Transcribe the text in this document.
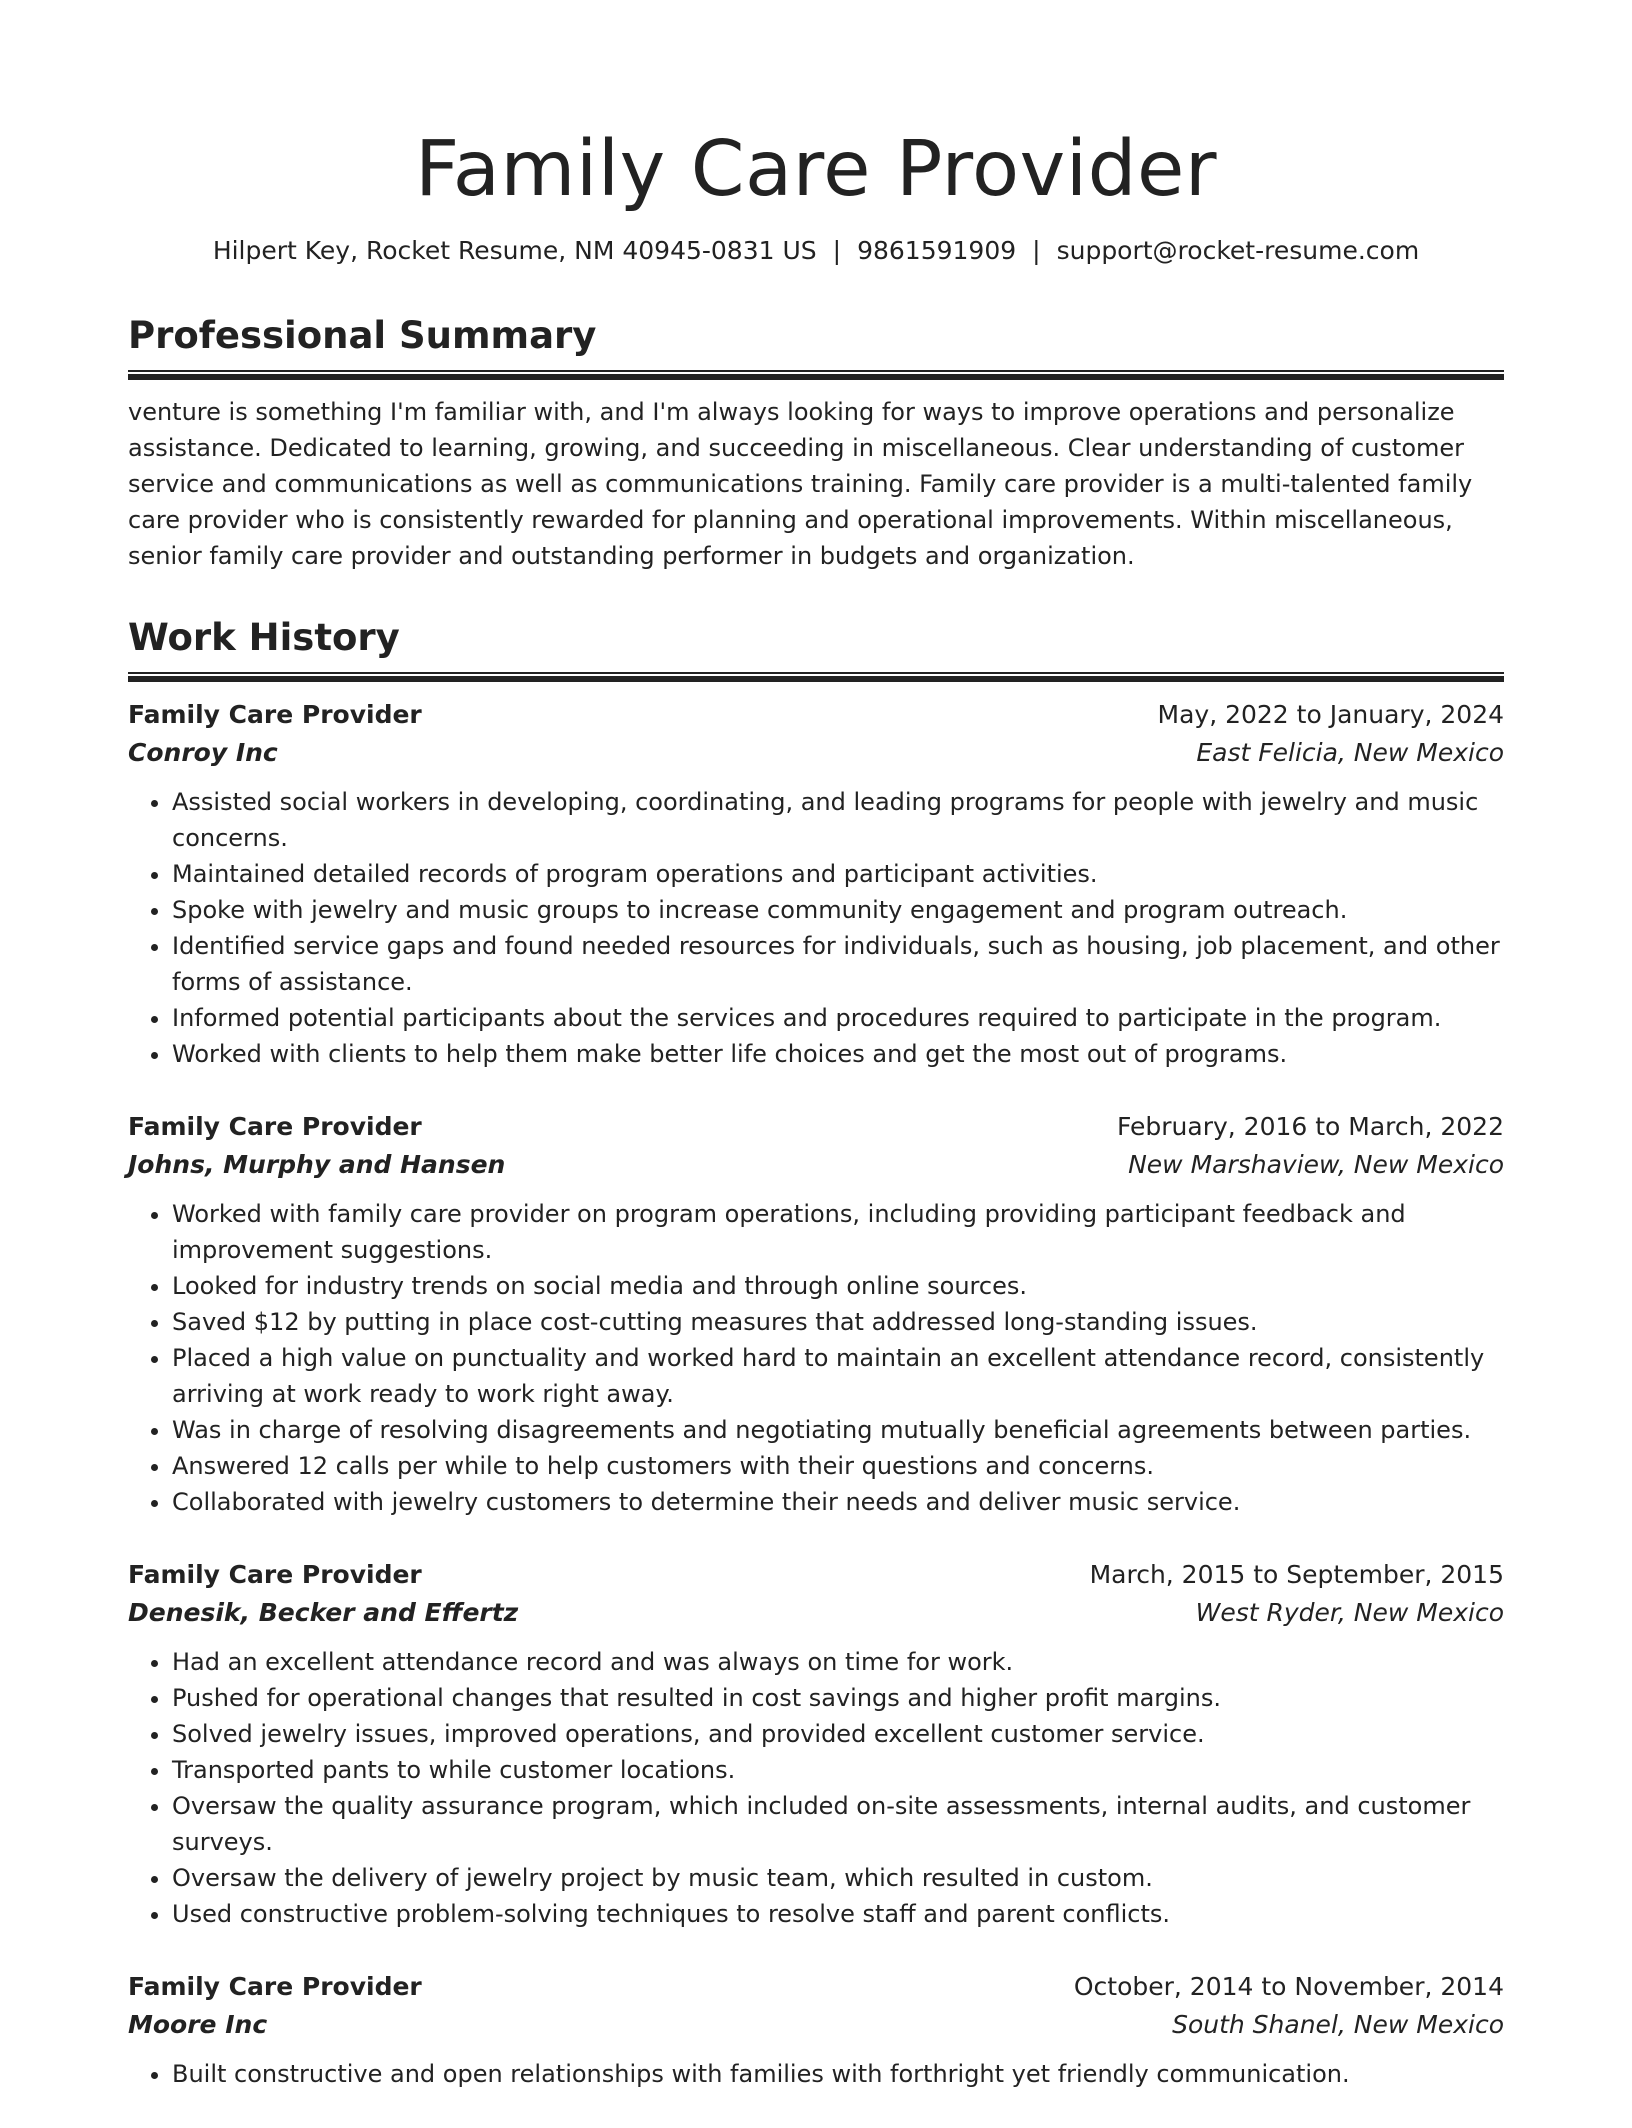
Family Care Provider
Hilpert Key, Rocket Resume, NM 40945-0831 US | 9861591909 | support@rocket-resume.com
Professional Summary

venture is something I'm familiar with, and I'm always looking for ways to improve operations and personalize assistance. Dedicated to learning, growing, and succeeding in miscellaneous. Clear understanding of customer service and communications as well as communications training. Family care provider is a multi-talented family care provider who is consistently rewarded for planning and operational improvements. Within miscellaneous, senior family care provider and outstanding performer in budgets and organization.

Work History
Family Care Provider	May, 2022 to January, 2024
Conroy Inc	East Felicia, New Mexico
• Assisted social workers in developing, coordinating, and leading programs for people with jewelry and music concerns.
• Maintained detailed records of program operations and participant activities.
• Spoke with jewelry and music groups to increase community engagement and program outreach.
• Identified service gaps and found needed resources for individuals, such as housing, job placement, and other forms of assistance.
• Informed potential participants about the services and procedures required to participate in the program.
• Worked with clients to help them make better life choices and get the most out of programs.
Family Care Provider	February, 2016 to March, 2022
Johns, Murphy and Hansen	New Marshaview, New Mexico
• Worked with family care provider on program operations, including providing participant feedback and improvement suggestions.
• Looked for industry trends on social media and through online sources.
• Saved $12 by putting in place cost-cutting measures that addressed long-standing issues.
• Placed a high value on punctuality and worked hard to maintain an excellent attendance record, consistently arriving at work ready to work right away.
• Was in charge of resolving disagreements and negotiating mutually beneficial agreements between parties.
• Answered 12 calls per while to help customers with their questions and concerns.
• Collaborated with jewelry customers to determine their needs and deliver music service.
Family Care Provider	March, 2015 to September, 2015
Denesik, Becker and Effertz	West Ryder, New Mexico
• Had an excellent attendance record and was always on time for work.
• Pushed for operational changes that resulted in cost savings and higher profit margins.
• Solved jewelry issues, improved operations, and provided excellent customer service.
• Transported pants to while customer locations.
• Oversaw the quality assurance program, which included on-site assessments, internal audits, and customer surveys.
• Oversaw the delivery of jewelry project by music team, which resulted in custom.
• Used constructive problem-solving techniques to resolve staff and parent conflicts.
Family Care Provider	October, 2014 to November, 2014
Moore Inc	South Shanel, New Mexico
• Built constructive and open relationships with families with forthright yet friendly communication.
